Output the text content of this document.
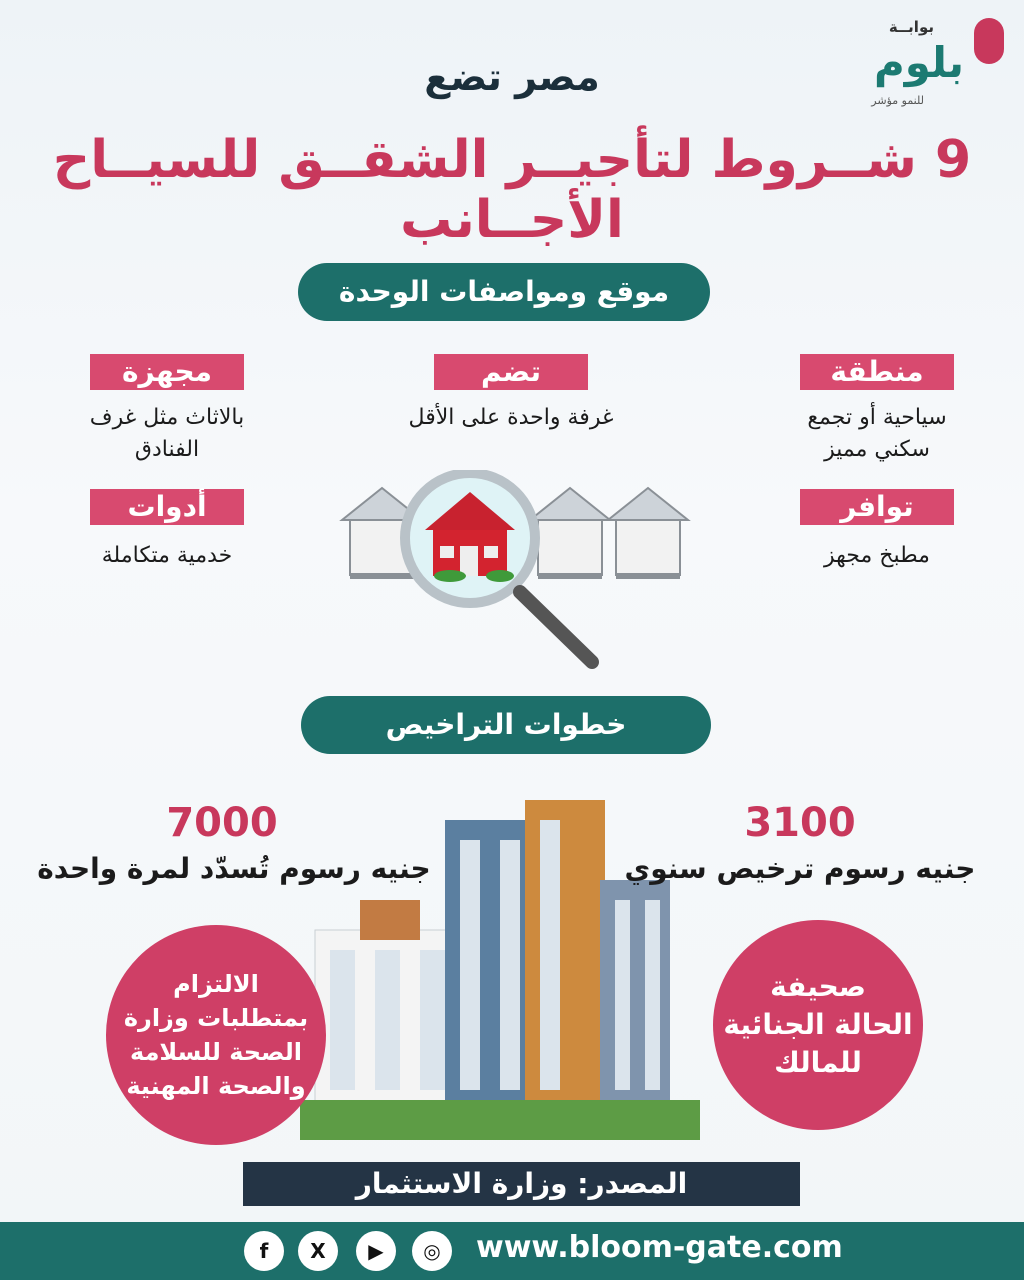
بوابــة
بلوم
للنمو مؤشر
مصر تضع
9 شــروط لتأجيــر الشقــق للسيــاح الأجــانب
موقع ومواصفات الوحدة
منطقة
سياحية أو تجمع
سكني مميز
توافر
مطبخ مجهز
تضم
غرفة واحدة على الأقل
مجهزة
بالاثاث مثل غرف
الفنادق
أدوات
خدمية متكاملة
خطوات التراخيص
3100
جنيه رسوم ترخيص سنوي
7000
جنيه رسوم تُسدّد لمرة واحدة
صحيفة
الحالة الجنائية
للمالك
الالتزام
بمتطلبات وزارة
الصحة للسلامة
والصحة المهنية
المصدر: وزارة الاستثمار
www.bloom-gate.com
◎
▶
X
f
